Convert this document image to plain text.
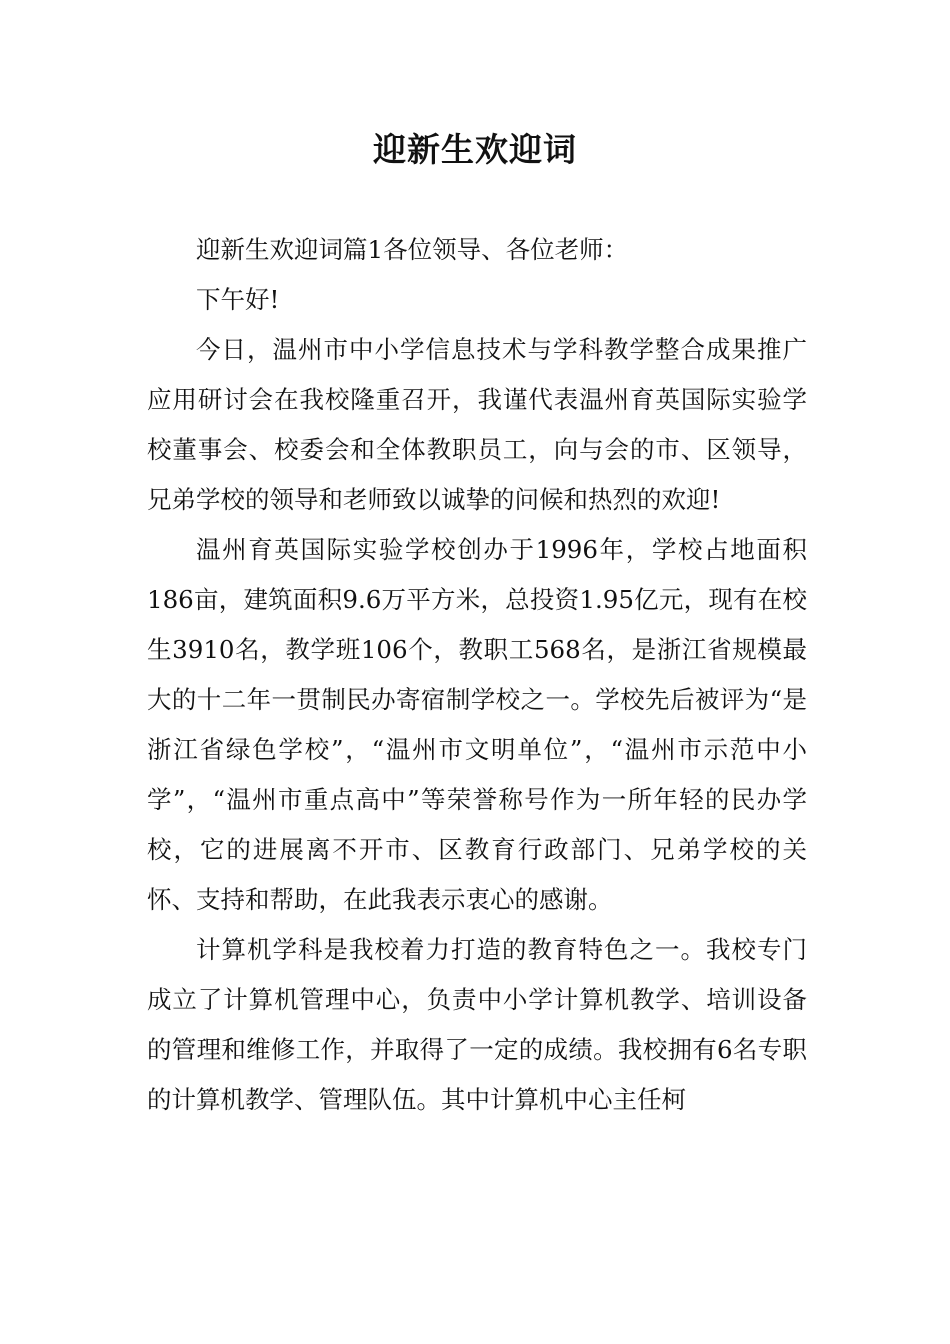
迎新生欢迎词

迎新生欢迎词篇1各位领导、各位老师：

下午好!

今日，温州市中小学信息技术与学科教学整合成果推广应用研讨会在我校隆重召开，我谨代表温州育英国际实验学校董事会、校委会和全体教职员工，向与会的市、区领导，兄弟学校的领导和老师致以诚挚的问候和热烈的欢迎!

温州育英国际实验学校创办于1996年，学校占地面积186亩，建筑面积9.6万平方米，总投资1.95亿元，现有在校生3910名，教学班106个，教职工568名，是浙江省规模最大的十二年一贯制民办寄宿制学校之一。学校先后被评为“是浙江省绿色学校”，“温州市文明单位”，“温州市示范中小学”，“温州市重点高中”等荣誉称号作为一所年轻的民办学校，它的进展离不开市、区教育行政部门、兄弟学校的关怀、支持和帮助，在此我表示衷心的感谢。

计算机学科是我校着力打造的教育特色之一。我校专门成立了计算机管理中心，负责中小学计算机教学、培训设备的管理和维修工作，并取得了一定的成绩。我校拥有6名专职的计算机教学、管理队伍。其中计算机中心主任柯
